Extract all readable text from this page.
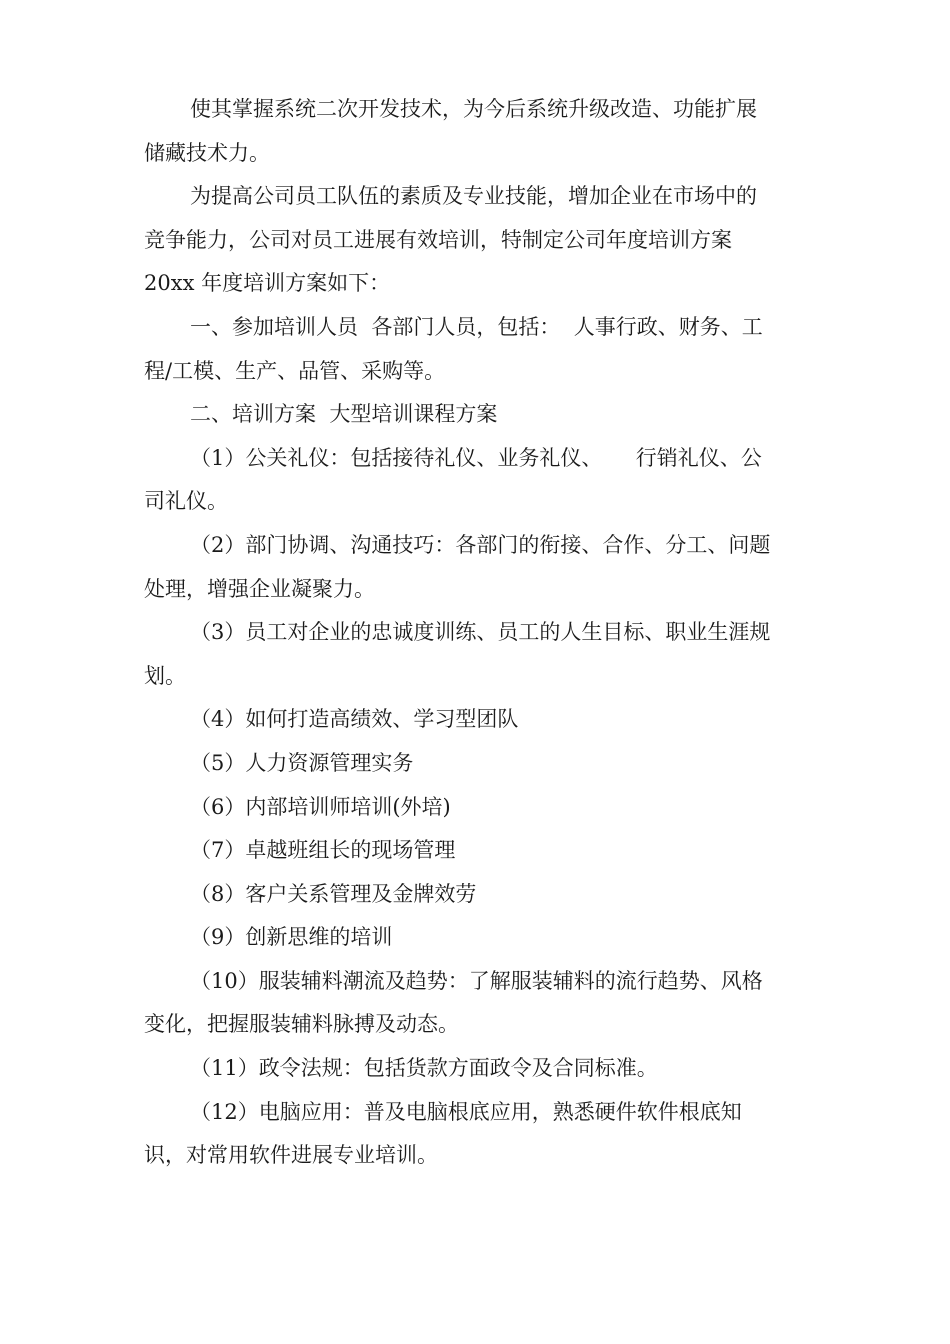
使其掌握系统二次开发技术，为今后系统升级改造、功能扩展
储藏技术力。
为提高公司员工队伍的素质及专业技能，增加企业在市场中的
竞争能力，公司对员工进展有效培训，特制定公司年度培训方案
20xx 年度培训方案如下：
一、参加培训人员  各部门人员，包括：  人事行政、财务、工
程/工模、生产、品管、采购等。
二、培训方案  大型培训课程方案
（1）公关礼仪：包括接待礼仪、业务礼仪、     行销礼仪、公
司礼仪。
（2）部门协调、沟通技巧：各部门的衔接、合作、分工、问题
处理，增强企业凝聚力。
（3）员工对企业的忠诚度训练、员工的人生目标、职业生涯规
划。
（4）如何打造高绩效、学习型团队
（5）人力资源管理实务
（6）内部培训师培训(外培)
（7）卓越班组长的现场管理
（8）客户关系管理及金牌效劳
（9）创新思维的培训
（10）服装辅料潮流及趋势：了解服装辅料的流行趋势、风格
变化，把握服装辅料脉搏及动态。
（11）政令法规：包括货款方面政令及合同标准。
（12）电脑应用：普及电脑根底应用，熟悉硬件软件根底知
识，对常用软件进展专业培训。
